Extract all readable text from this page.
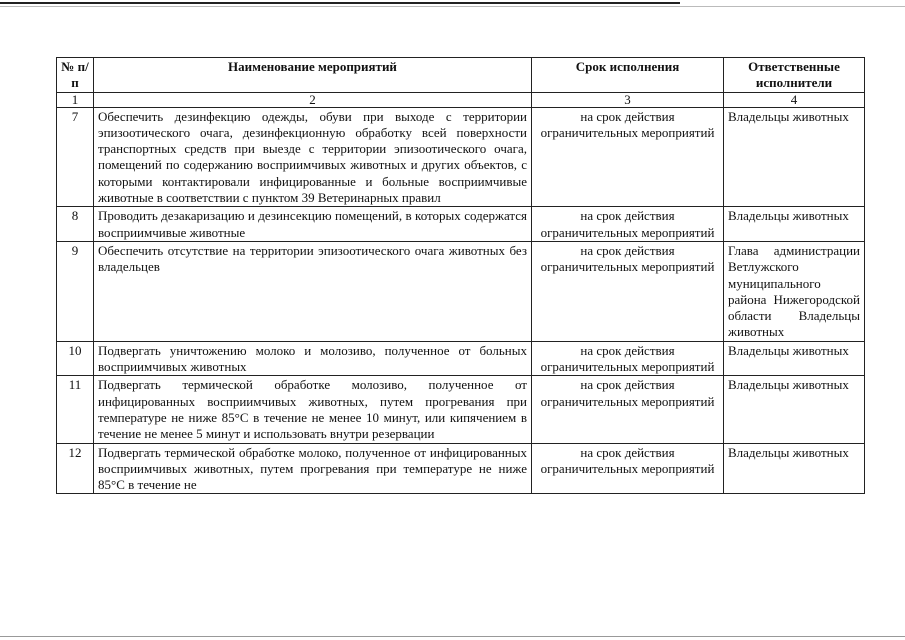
№ п/п	Наименование мероприятий	Срок исполнения	Ответственные исполнители
1	2	3	4
7	Обеспечить дезинфекцию одежды, обуви при выходе с территории эпизоотического очага, дезинфекционную обработку всей поверхности транспортных средств при выезде с территории эпизоотического очага, помещений по содержанию восприимчивых животных и других объектов, с которыми контактировали инфицированные и больные восприимчивые животные в соответствии с пунктом 39 Ветеринарных правил	на срок действия ограничительных мероприятий	Владельцы животных
8	Проводить дезакаризацию и дезинсекцию помещений, в которых содержатся восприимчивые животные	на срок действия ограничительных мероприятий	Владельцы животных
9	Обеспечить отсутствие на территории эпизоотического очага животных без владельцев	на срок действия ограничительных мероприятий	Глава администрации Ветлужского муниципального района Нижегородской области Владельцы животных
10	Подвергать уничтожению молоко и молозиво, полученное от больных восприимчивых животных	на срок действия ограничительных мероприятий	Владельцы животных
11	Подвергать термической обработке молозиво, полученное от инфицированных восприимчивых животных, путем прогревания при температуре не ниже 85°С в течение не менее 10 минут, или кипячением в течение не менее 5 минут и использовать внутри резервации	на срок действия ограничительных мероприятий	Владельцы животных
12	Подвергать термической обработке молоко, полученное от инфицированных восприимчивых животных, путем прогревания при температуре не ниже 85°С в течение не	на срок действия ограничительных мероприятий	Владельцы животных
